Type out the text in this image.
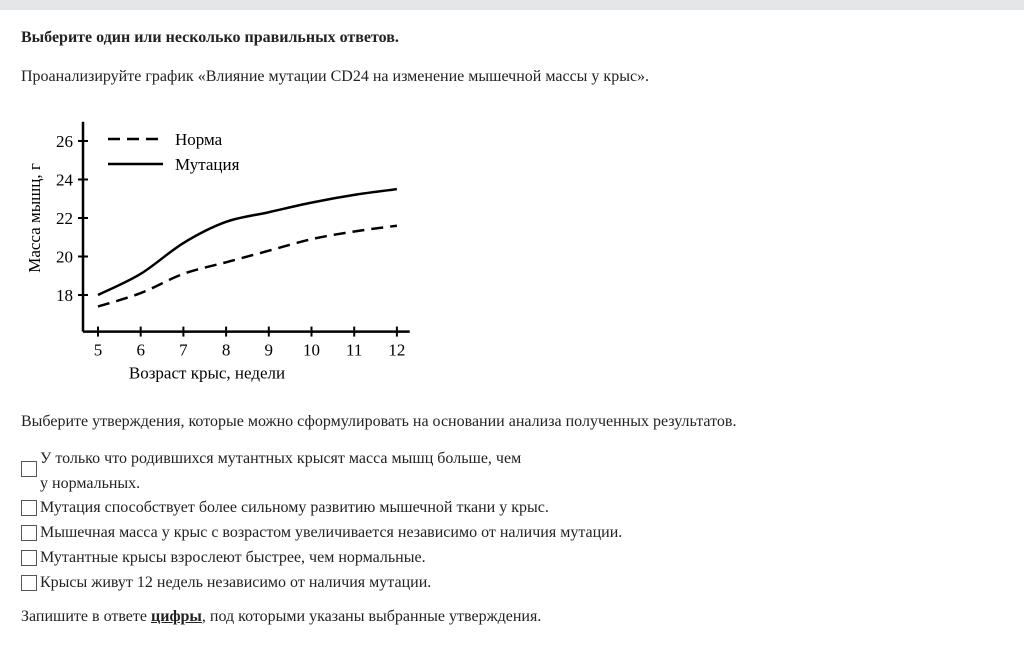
Выберите один или несколько правильных ответов.
Проанализируйте график «Влияние мутации CD24 на изменение мышечной массы у крыс».
5 6 7 8 9 10 11 12
18
20
22
24
26
Возраст крыс, недели
Масса мышц, г
Норма
Мутация
Выберите утверждения, которые можно сформулировать на основании анализа полученных результатов.
У только что родившихся мутантных крысят масса мышц больше, чем
у нормальных.
Мутация способствует более сильному развитию мышечной ткани у крыс.
Мышечная масса у крыс с возрастом увеличивается независимо от наличия мутации.
Мутантные крысы взрослеют быстрее, чем нормальные.
Крысы живут 12 недель независимо от наличия мутации.
Запишите в ответе цифры, под которыми указаны выбранные утверждения.
